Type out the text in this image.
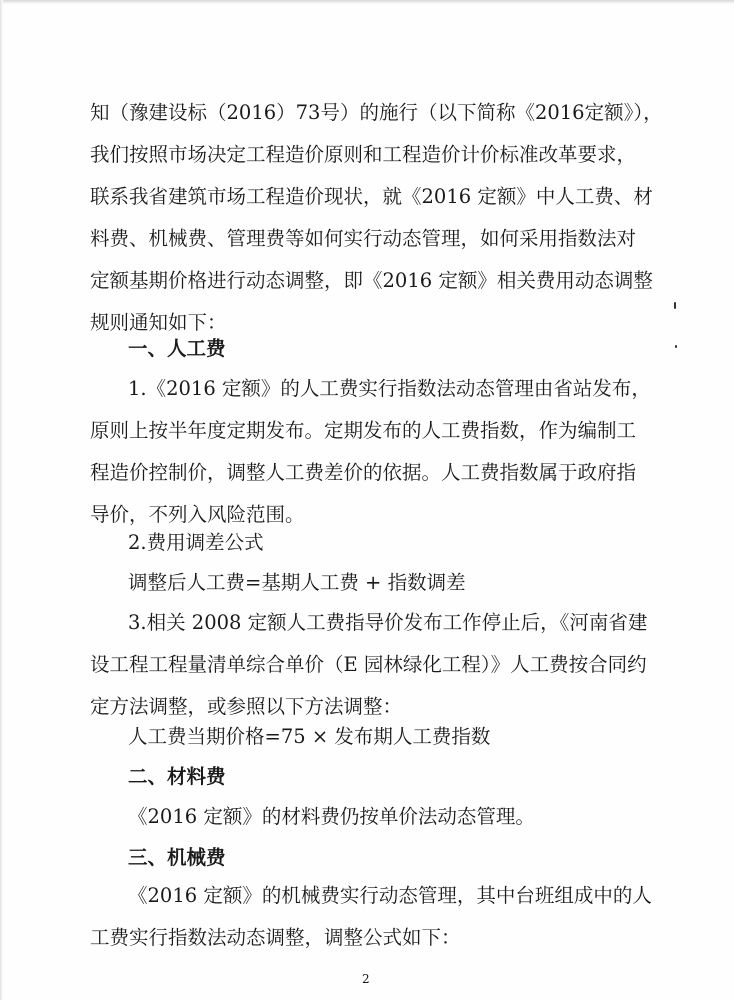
知（豫建设标（2016）73号）的施行（以下简称《2016定额》），

我们按照市场决定工程造价原则和工程造价计价标准改革要求，

联系我省建筑市场工程造价现状，就《2016 定额》中人工费、材

料费、机械费、管理费等如何实行动态管理，如何采用指数法对

定额基期价格进行动态调整，即《2016 定额》相关费用动态调整

规则通知如下：

一、人工费

1.《2016 定额》的人工费实行指数法动态管理由省站发布，

原则上按半年度定期发布。定期发布的人工费指数，作为编制工

程造价控制价，调整人工费差价的依据。人工费指数属于政府指

导价，不列入风险范围。

2.费用调差公式

调整后人工费=基期人工费 + 指数调差

3.相关 2008 定额人工费指导价发布工作停止后，《河南省建

设工程工程量清单综合单价（E 园林绿化工程）》人工费按合同约

定方法调整，或参照以下方法调整：

人工费当期价格=75 × 发布期人工费指数

二、材料费

《2016 定额》的材料费仍按单价法动态管理。

三、机械费

《2016 定额》的机械费实行动态管理，其中台班组成中的人

工费实行指数法动态调整，调整公式如下：

2
